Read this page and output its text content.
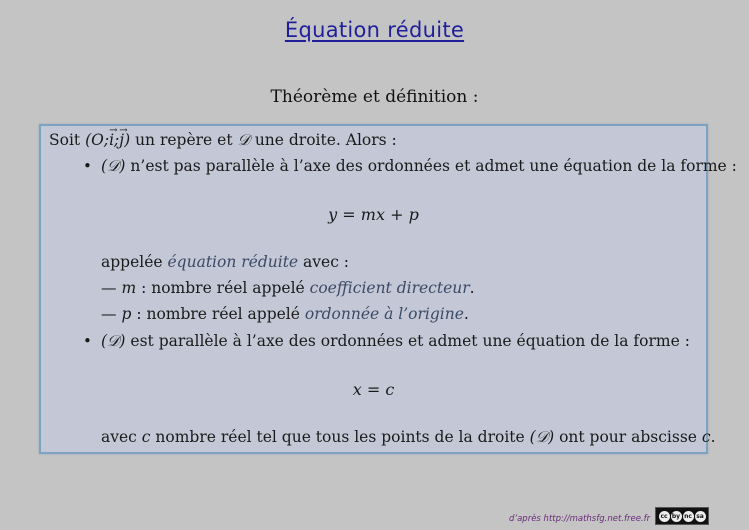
Équation réduite
Théorème et définition :
Soit (O;
→
i;
→
j) un repère et 𝒟 une droite. Alors :
• (𝒟) n’est pas parallèle à l’axe des ordonnées et admet une équation de la forme :
y = mx + p
appelée équation réduite avec :
— m : nombre réel appelé coefficient directeur.
— p : nombre réel appelé ordonnée à l’origine.
• (𝒟) est parallèle à l’axe des ordonnées et admet une équation de la forme :
x = c
avec c nombre réel tel que tous les points de la droite (𝒟) ont pour abscisse c.
d’après http://mathsfg.net.free.fr	cc by nc sa
